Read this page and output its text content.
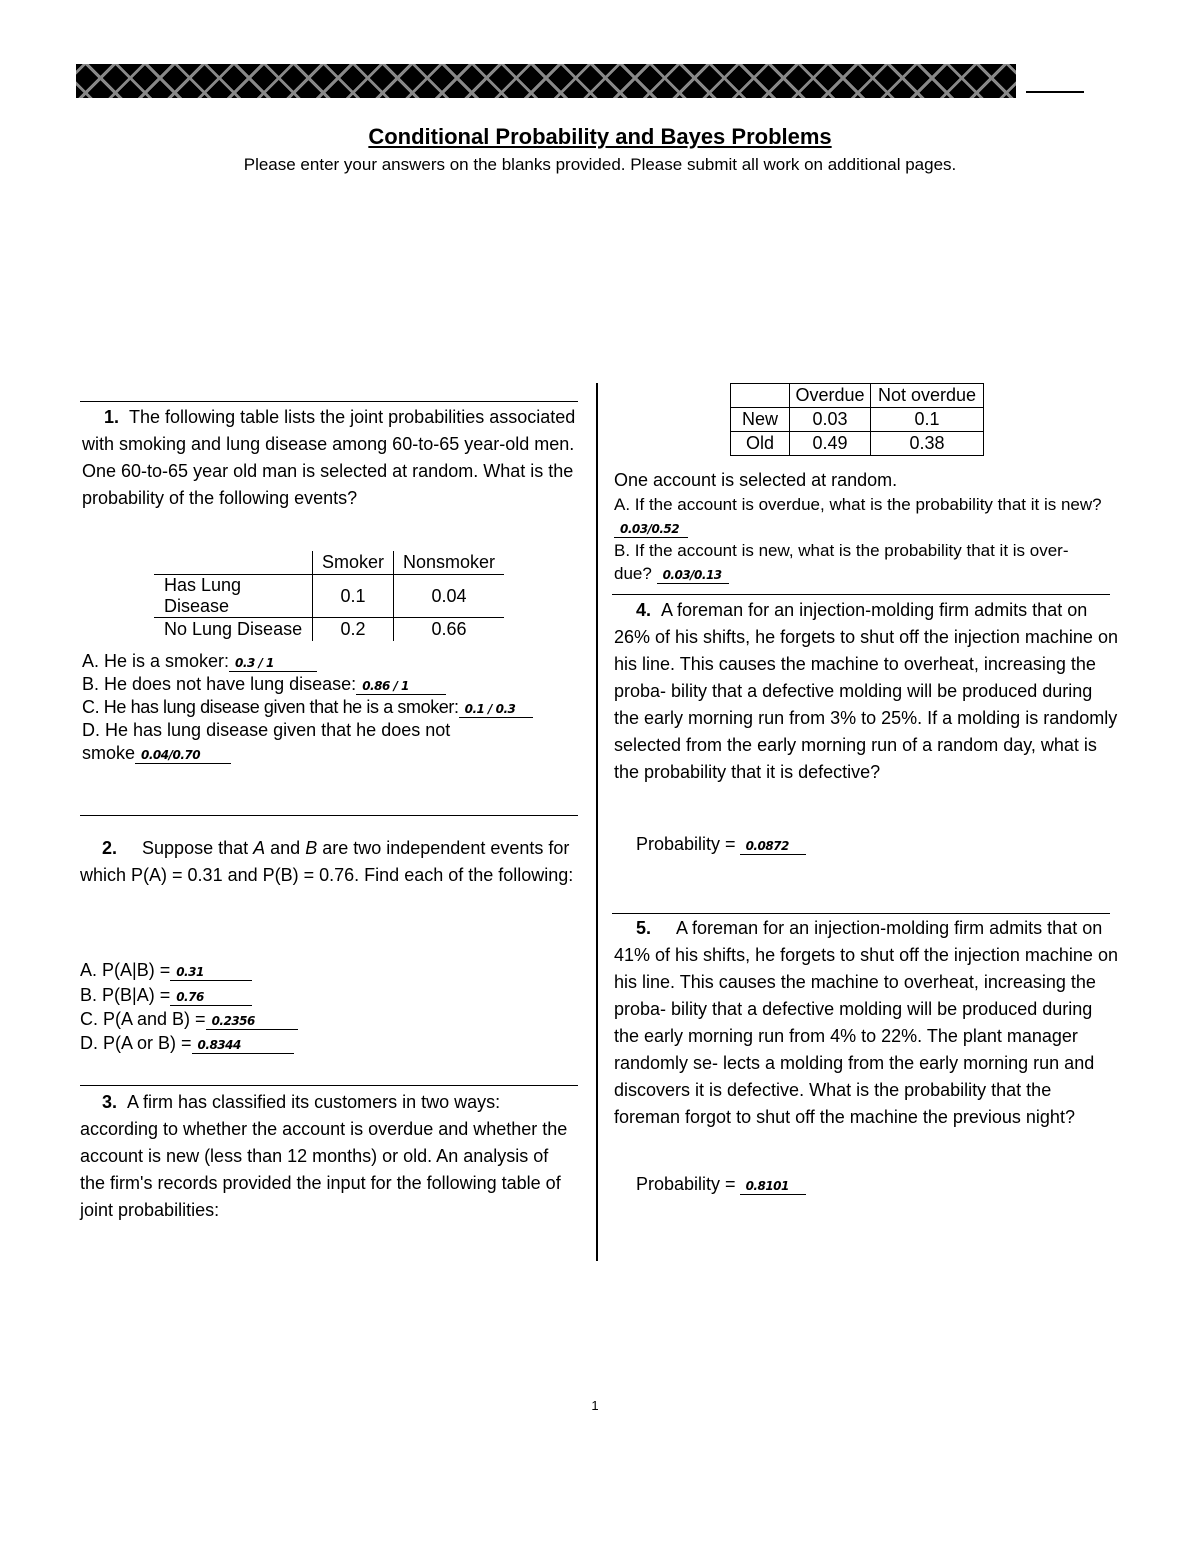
Conditional Probability and Bayes Problems
Please enter your answers on the blanks provided. Please submit all work on additional pages.
1. The following table lists the joint probabilities associated with smoking and lung disease among 60-to-65 year-old men. One 60-to-65 year old man is selected at random. What is the probability of the following events?
	Smoker	Nonsmoker
Has Lung Disease	0.1	0.04
No Lung Disease	0.2	0.66
A. He is a smoker: 0.3 / 1
B. He does not have lung disease: 0.86 / 1
C. He has lung disease given that he is a smoker: 0.1 / 0.3
D. He has lung disease given that he does not smoke 0.04/0.70
2. Suppose that A and B are two independent events for which P(A) = 0.31 and P(B) = 0.76. Find each of the following:
A. P(A|B) = 0.31
B. P(B|A) = 0.76
C. P(A and B) = 0.2356
D. P(A or B) = 0.8344
3. A firm has classified its customers in two ways: according to whether the account is overdue and whether the account is new (less than 12 months) or old. An analysis of the firm's records provided the input for the following table of joint probabilities:
	Overdue	Not overdue
New	0.03	0.1
Old	0.49	0.38
One account is selected at random.
A. If the account is overdue, what is the probability that it is new? 0.03/0.52
B. If the account is new, what is the probability that it is over-due? 0.03/0.13
4. A foreman for an injection-molding firm admits that on 26% of his shifts, he forgets to shut off the injection machine on his line. This causes the machine to overheat, increasing the proba- bility that a defective molding will be produced during the early morning run from 3% to 25%. If a molding is randomly selected from the early morning run of a random day, what is the probability that it is defective?
Probability = 0.0872
5. A foreman for an injection-molding firm admits that on 41% of his shifts, he forgets to shut off the injection machine on his line. This causes the machine to overheat, increasing the proba- bility that a defective molding will be produced during the early morning run from 4% to 22%. The plant manager randomly se- lects a molding from the early morning run and discovers it is defective. What is the probability that the foreman forgot to shut off the machine the previous night?
Probability = 0.8101
1
